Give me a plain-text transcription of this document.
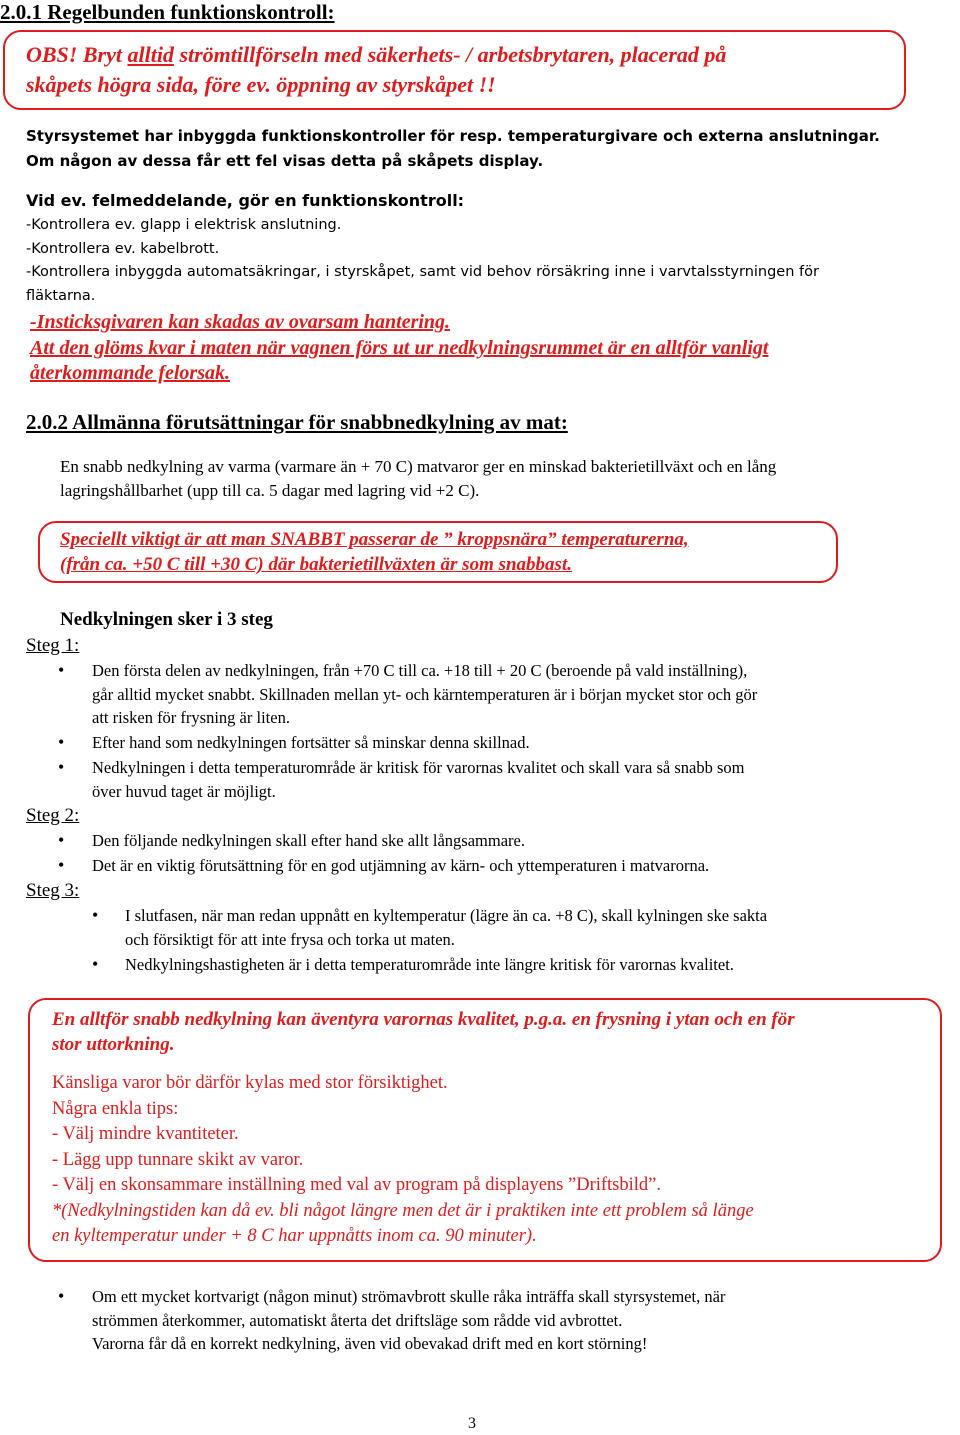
2.0.1 Regelbunden funktionskontroll:
OBS! Bryt alltid strömtillförseln med säkerhets- / arbetsbrytaren, placerad på
skåpets högra sida, före ev. öppning av styrskåpet !!
Styrsystemet har inbyggda funktionskontroller för resp. temperaturgivare och externa anslutningar.
Om någon av dessa får ett fel visas detta på skåpets display.
Vid ev. felmeddelande, gör en funktionskontroll:
-Kontrollera ev. glapp i elektrisk anslutning.
-Kontrollera ev. kabelbrott.
-Kontrollera inbyggda automatsäkringar, i styrskåpet, samt vid behov rörsäkring inne i varvtalsstyrningen för
fläktarna.
-Insticksgivaren kan skadas av ovarsam hantering.
Att den glöms kvar i maten när vagnen förs ut ur nedkylningsrummet är en alltför vanligt
återkommande felorsak.
2.0.2 Allmänna förutsättningar för snabbnedkylning av mat:
En snabb nedkylning av varma (varmare än + 70 C) matvaror ger en minskad bakterietillväxt och en lång
lagringshållbarhet (upp till ca. 5 dagar med lagring vid +2 C).
Speciellt viktigt är att man SNABBT passerar de ” kroppsnära” temperaturerna,
(från ca. +50 C till +30 C) där bakterietillväxten är som snabbast.
Nedkylningen sker i 3 steg
Steg 1:
• Den första delen av nedkylningen, från +70 C till ca. +18 till + 20 C (beroende på vald inställning),
går alltid mycket snabbt. Skillnaden mellan yt- och kärntemperaturen är i början mycket stor och gör
att risken för frysning är liten.
• Efter hand som nedkylningen fortsätter så minskar denna skillnad.
• Nedkylningen i detta temperaturområde är kritisk för varornas kvalitet och skall vara så snabb som
över huvud taget är möjligt.
Steg 2:
• Den följande nedkylningen skall efter hand ske allt långsammare.
• Det är en viktig förutsättning för en god utjämning av kärn- och yttemperaturen i matvarorna.
Steg 3:
• I slutfasen, när man redan uppnått en kyltemperatur (lägre än ca. +8 C), skall kylningen ske sakta
och försiktigt för att inte frysa och torka ut maten.
• Nedkylningshastigheten är i detta temperaturområde inte längre kritisk för varornas kvalitet.
En alltför snabb nedkylning kan äventyra varornas kvalitet, p.g.a. en frysning i ytan och en för
stor uttorkning.
Känsliga varor bör därför kylas med stor försiktighet.
Några enkla tips:
- Välj mindre kvantiteter.
- Lägg upp tunnare skikt av varor.
- Välj en skonsammare inställning med val av program på displayens ”Driftsbild”.
*(Nedkylningstiden kan då ev. bli något längre men det är i praktiken inte ett problem så länge
en kyltemperatur under + 8 C har uppnåtts inom ca. 90 minuter).
• Om ett mycket kortvarigt (någon minut) strömavbrott skulle råka inträffa skall styrsystemet, när
strömmen återkommer, automatiskt återta det driftsläge som rådde vid avbrottet.
Varorna får då en korrekt nedkylning, även vid obevakad drift med en kort störning!
3
